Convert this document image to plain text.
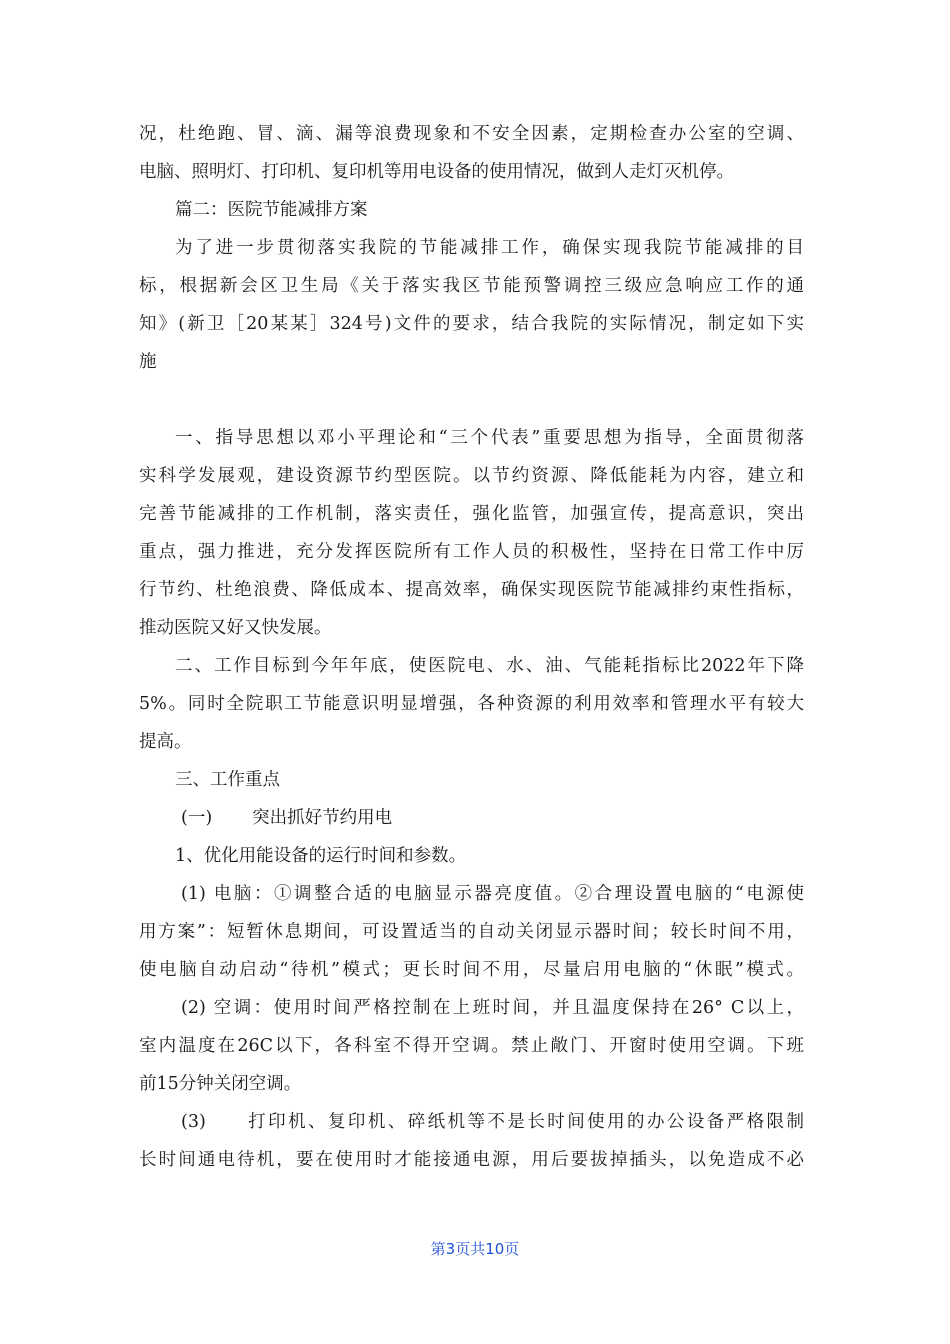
况，杜绝跑、冒、滴、漏等浪费现象和不安全因素，定期检查办公室的空调、
电脑、照明灯、打印机、复印机等用电设备的使用情况，做到人走灯灭机停。
篇二：医院节能减排方案
为了进一步贯彻落实我院的节能减排工作，确保实现我院节能减排的目
标，根据新会区卫生局《关于落实我区节能预警调控三级应急响应工作的通
知》(新卫［20某某］324号)文件的要求，结合我院的实际情况，制定如下实
施
一、指导思想以邓小平理论和“三个代表”重要思想为指导，全面贯彻落
实科学发展观，建设资源节约型医院。以节约资源、降低能耗为内容，建立和
完善节能减排的工作机制，落实责任，强化监管，加强宣传，提高意识，突出
重点，强力推进，充分发挥医院所有工作人员的积极性，坚持在日常工作中厉
行节约、杜绝浪费、降低成本、提高效率，确保实现医院节能减排约束性指标，
推动医院又好又快发展。
二、工作目标到今年年底，使医院电、水、油、气能耗指标比2022年下降
5%。同时全院职工节能意识明显增强，各种资源的利用效率和管理水平有较大
提高。
三、工作重点
(一) 突出抓好节约用电
1、优化用能设备的运行时间和参数。
(1) 电脑：①调整合适的电脑显示器亮度值。②合理设置电脑的“电源使
用方案”：短暂休息期间，可设置适当的自动关闭显示器时间；较长时间不用，
使电脑自动启动“待机”模式；更长时间不用，尽量启用电脑的“休眠”模式。
(2) 空调：使用时间严格控制在上班时间，并且温度保持在26° C以上，
室内温度在26C以下，各科室不得开空调。禁止敞门、开窗时使用空调。下班
前15分钟关闭空调。
(3) 打印机、复印机、碎纸机等不是长时间使用的办公设备严格限制
长时间通电待机，要在使用时才能接通电源，用后要拔掉插头，以免造成不必
第3页共10页
